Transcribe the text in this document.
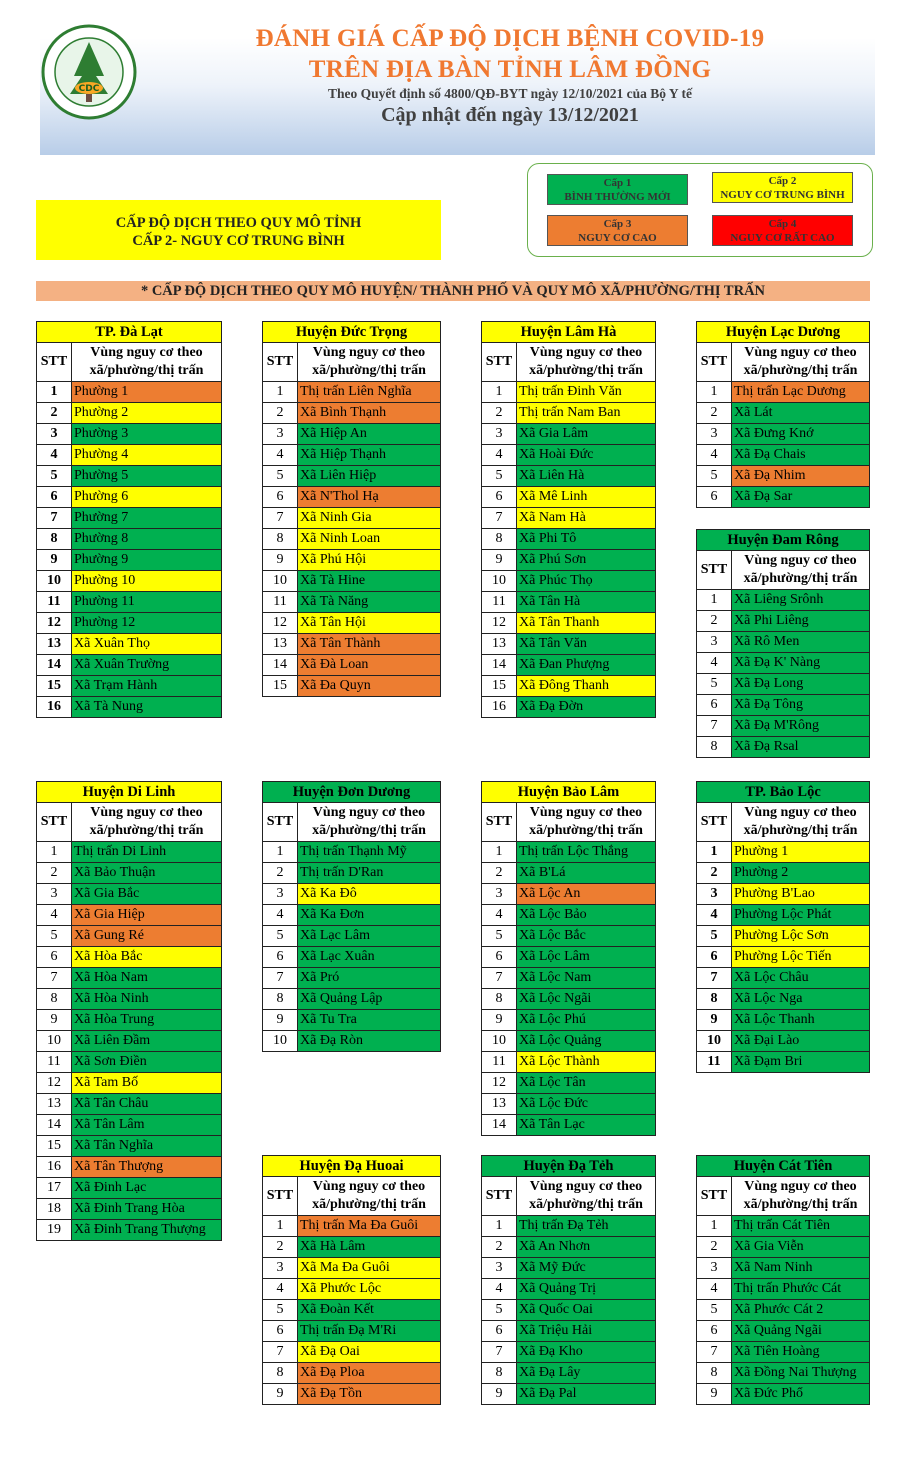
CDC
ĐÁNH GIÁ CẤP ĐỘ DỊCH BỆNH COVID-19
TRÊN ĐỊA BÀN TỈNH LÂM ĐỒNG
Theo Quyết định số 4800/QĐ-BYT ngày 12/10/2021 của Bộ Y tế
Cập nhật đến ngày 13/12/2021
Cấp 1
BÌNH THƯỜNG MỚI
Cấp 2
NGUY CƠ TRUNG BÌNH
Cấp 3
NGUY CƠ CAO
Cấp 4
NGUY CƠ RẤT CAO
CẤP ĐỘ DỊCH THEO QUY MÔ TỈNH
CẤP 2- NGUY CƠ TRUNG BÌNH
* CẤP ĐỘ DỊCH THEO QUY MÔ HUYỆN/ THÀNH PHỐ VÀ QUY MÔ XÃ/PHƯỜNG/THỊ TRẤN
TP. Đà Lạt	
STT	Vùng nguy cơ theo
xã/phường/thị trấn
1	Phường 1
2	Phường 2
3	Phường 3
4	Phường 4
5	Phường 5
6	Phường 6
7	Phường 7
8	Phường 8
9	Phường 9
10	Phường 10
11	Phường 11
12	Phường 12
13	Xã Xuân Thọ
14	Xã Xuân Trường
15	Xã Trạm Hành
16	Xã Tà Nung
Huyện Đức Trọng	
STT	Vùng nguy cơ theo
xã/phường/thị trấn
1	Thị trấn Liên Nghĩa
2	Xã Bình Thạnh
3	Xã Hiệp An
4	Xã Hiệp Thạnh
5	Xã Liên Hiệp
6	Xã N'Thol Hạ
7	Xã Ninh Gia
8	Xã Ninh Loan
9	Xã Phú Hội
10	Xã Tà Hine
11	Xã Tà Năng
12	Xã Tân Hội
13	Xã Tân Thành
14	Xã Đà Loan
15	Xã Đa Quyn
Huyện Lâm Hà	
STT	Vùng nguy cơ theo
xã/phường/thị trấn
1	Thị trấn Đinh Văn
2	Thị trấn Nam Ban
3	Xã Gia Lâm
4	Xã Hoài Đức
5	Xã Liên Hà
6	Xã Mê Linh
7	Xã Nam Hà
8	Xã Phi Tô
9	Xã Phú Sơn
10	Xã Phúc Thọ
11	Xã Tân Hà
12	Xã Tân Thanh
13	Xã Tân Văn
14	Xã Đan Phượng
15	Xã Đông Thanh
16	Xã Đạ Đờn
Huyện Lạc Dương	
STT	Vùng nguy cơ theo
xã/phường/thị trấn
1	Thị trấn Lạc Dương
2	Xã Lát
3	Xã Đưng Knớ
4	Xã Đạ Chais
5	Xã Đạ Nhim
6	Xã Đạ Sar
Huyện Đam Rông	
STT	Vùng nguy cơ theo
xã/phường/thị trấn
1	Xã Liêng Srônh
2	Xã Phi Liêng
3	Xã Rô Men
4	Xã Đạ K' Nàng
5	Xã Đạ Long
6	Xã Đạ Tông
7	Xã Đạ M'Rông
8	Xã Đạ Rsal
Huyện Di Linh	
STT	Vùng nguy cơ theo
xã/phường/thị trấn
1	Thị trấn Di Linh
2	Xã Bảo Thuận
3	Xã Gia Bắc
4	Xã Gia Hiệp
5	Xã Gung Ré
6	Xã Hòa Bắc
7	Xã Hòa Nam
8	Xã Hòa Ninh
9	Xã Hòa Trung
10	Xã Liên Đầm
11	Xã Sơn Điền
12	Xã Tam Bố
13	Xã Tân Châu
14	Xã Tân Lâm
15	Xã Tân Nghĩa
16	Xã Tân Thượng
17	Xã Đinh Lạc
18	Xã Đinh Trang Hòa
19	Xã Đinh Trang Thượng
Huyện Đơn Dương	
STT	Vùng nguy cơ theo
xã/phường/thị trấn
1	Thị trấn Thạnh Mỹ
2	Thị trấn D'Ran
3	Xã Ka Đô
4	Xã Ka Đơn
5	Xã Lạc Lâm
6	Xã Lạc Xuân
7	Xã Pró
8	Xã Quảng Lập
9	Xã Tu Tra
10	Xã Đạ Ròn
Huyện Bảo Lâm	
STT	Vùng nguy cơ theo
xã/phường/thị trấn
1	Thị trấn Lộc Thắng
2	Xã B'Lá
3	Xã Lộc An
4	Xã Lộc Bảo
5	Xã Lộc Bắc
6	Xã Lộc Lâm
7	Xã Lộc Nam
8	Xã Lộc Ngãi
9	Xã Lộc Phú
10	Xã Lộc Quảng
11	Xã Lộc Thành
12	Xã Lộc Tân
13	Xã Lộc Đức
14	Xã Tân Lạc
TP. Bảo Lộc	
STT	Vùng nguy cơ theo
xã/phường/thị trấn
1	Phường 1
2	Phường 2
3	Phường B'Lao
4	Phường Lộc Phát
5	Phường Lộc Sơn
6	Phường Lộc Tiến
7	Xã Lộc Châu
8	Xã Lộc Nga
9	Xã Lộc Thanh
10	Xã Đại Lào
11	Xã Đạm Bri
Huyện Đạ Huoai	
STT	Vùng nguy cơ theo
xã/phường/thị trấn
1	Thị trấn Ma Đa Guôi
2	Xã Hà Lâm
3	Xã Ma Đa Guôi
4	Xã Phước Lộc
5	Xã Đoàn Kết
6	Thị trấn Đạ M'Ri
7	Xã Đạ Oai
8	Xã Đạ Ploa
9	Xã Đạ Tồn
Huyện Đạ Tẻh	
STT	Vùng nguy cơ theo
xã/phường/thị trấn
1	Thị trấn Đạ Tẻh
2	Xã An Nhơn
3	Xã Mỹ Đức
4	Xã Quảng Trị
5	Xã Quốc Oai
6	Xã Triệu Hải
7	Xã Đạ Kho
8	Xã Đạ Lây
9	Xã Đạ Pal
Huyện Cát Tiên	
STT	Vùng nguy cơ theo
xã/phường/thị trấn
1	Thị trấn Cát Tiên
2	Xã Gia Viễn
3	Xã Nam Ninh
4	Thị trấn Phước Cát
5	Xã Phước Cát 2
6	Xã Quảng Ngãi
7	Xã Tiên Hoàng
8	Xã Đồng Nai Thượng
9	Xã Đức Phổ
